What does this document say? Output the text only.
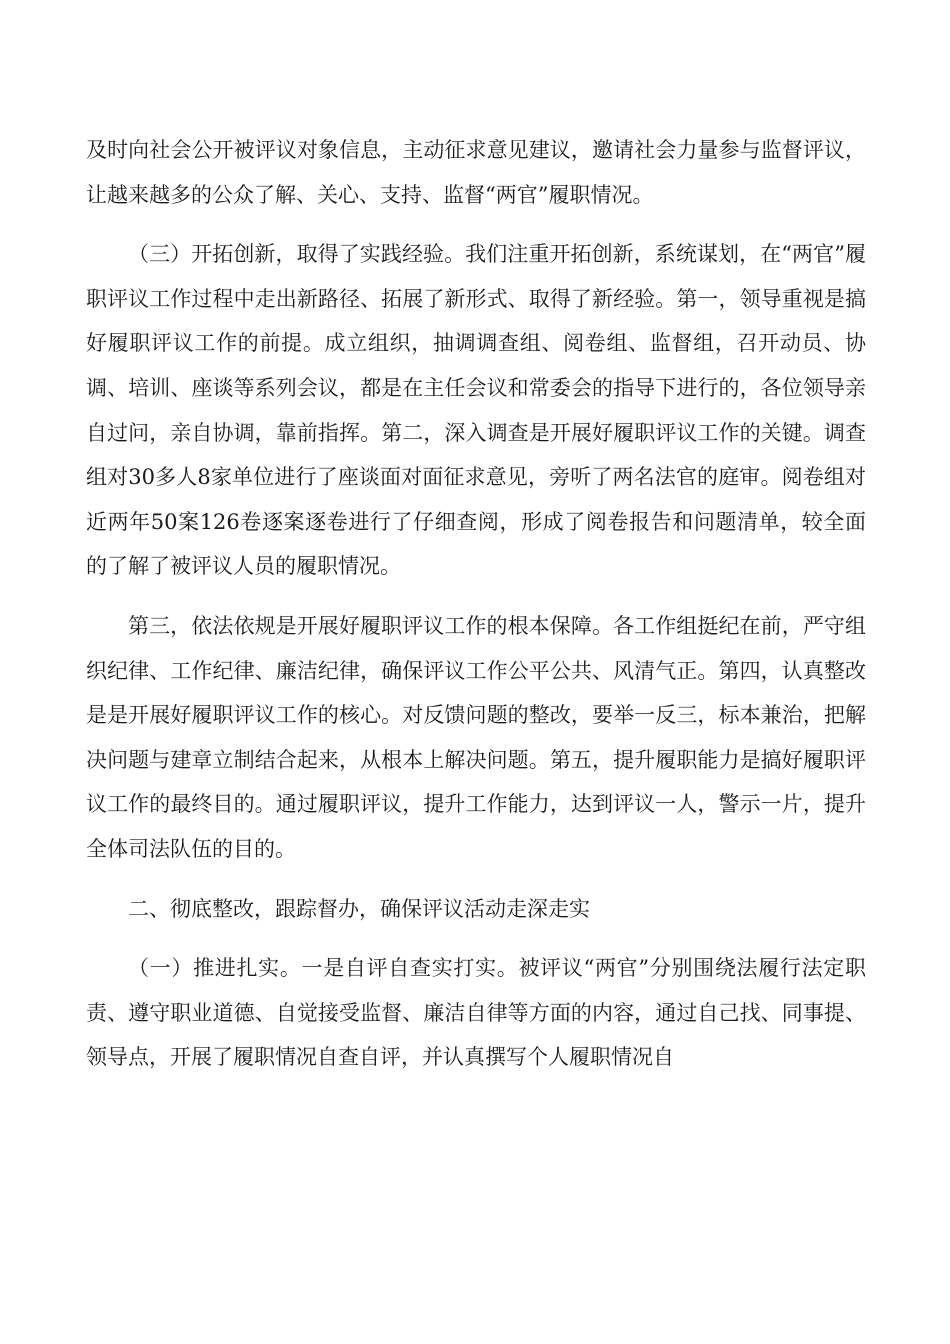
及时向社会公开被评议对象信息，主动征求意见建议，邀请社会力量参与监督评议，让越来越多的公众了解、关心、支持、监督“两官”履职情况。

（三）开拓创新，取得了实践经验。我们注重开拓创新，系统谋划，在“两官”履职评议工作过程中走出新路径、拓展了新形式、取得了新经验。第一，领导重视是搞好履职评议工作的前提。成立组织，抽调调查组、阅卷组、监督组，召开动员、协调、培训、座谈等系列会议，都是在主任会议和常委会的指导下进行的，各位领导亲自过问，亲自协调，靠前指挥。第二，深入调查是开展好履职评议工作的关键。调查组对30多人8家单位进行了座谈面对面征求意见，旁听了两名法官的庭审。阅卷组对近两年50案126卷逐案逐卷进行了仔细查阅，形成了阅卷报告和问题清单，较全面的了解了被评议人员的履职情况。

第三，依法依规是开展好履职评议工作的根本保障。各工作组挺纪在前，严守组织纪律、工作纪律、廉洁纪律，确保评议工作公平公共、风清气正。第四，认真整改是是开展好履职评议工作的核心。对反馈问题的整改，要举一反三，标本兼治，把解决问题与建章立制结合起来，从根本上解决问题。第五，提升履职能力是搞好履职评议工作的最终目的。通过履职评议，提升工作能力，达到评议一人，警示一片，提升全体司法队伍的目的。

二、彻底整改，跟踪督办，确保评议活动走深走实

（一）推进扎实。一是自评自查实打实。被评议“两官”分别围绕法履行法定职责、遵守职业道德、自觉接受监督、廉洁自律等方面的内容，通过自己找、同事提、领导点，开展了履职情况自查自评，并认真撰写个人履职情况自
